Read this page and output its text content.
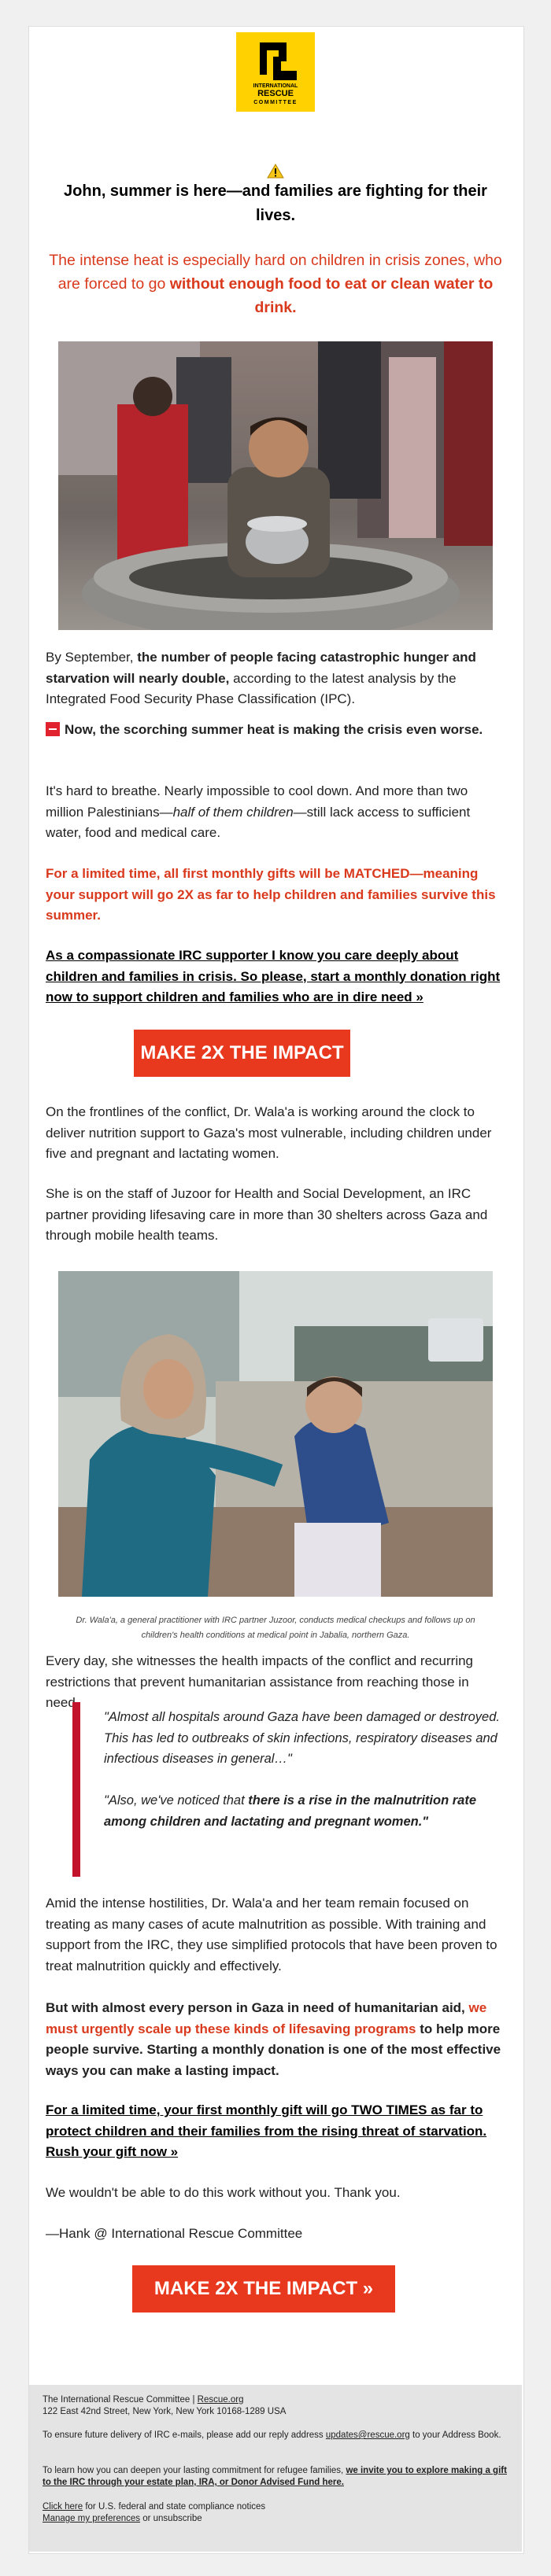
INTERNATIONAL
RESCUE
COMMITTEE
John, summer is here—and families are fighting for their lives.
The intense heat is especially hard on children in crisis zones, who are forced to go without enough food to eat or clean water to drink.

By September, the number of people facing catastrophic hunger and starvation will nearly double, according to the latest analysis by the Integrated Food Security Phase Classification (IPC).

Now, the scorching summer heat is making the crisis even worse.

It's hard to breathe. Nearly impossible to cool down. And more than two million Palestinians—half of them children—still lack access to sufficient water, food and medical care.

For a limited time, all first monthly gifts will be MATCHED—meaning your support will go 2X as far to help children and families survive this summer.

As a compassionate IRC supporter I know you care deeply about children and families in crisis. So please, start a monthly donation right now to support children and families who are in dire need »

MAKE 2X THE IMPACT »

On the frontlines of the conflict, Dr. Wala'a is working around the clock to deliver nutrition support to Gaza's most vulnerable, including children under five and pregnant and lactating women.

She is on the staff of Juzoor for Health and Social Development, an IRC partner providing lifesaving care in more than 30 shelters across Gaza and through mobile health teams.

Dr. Wala'a, a general practitioner with IRC partner Juzoor, conducts medical checkups and follows up on children's health conditions at medical point in Jabalia, northern Gaza.

Every day, she witnesses the health impacts of the conflict and recurring restrictions that prevent humanitarian assistance from reaching those in need.

"Almost all hospitals around Gaza have been damaged or destroyed. This has led to outbreaks of skin infections, respiratory diseases and infectious diseases in general…"

"Also, we've noticed that there is a rise in the malnutrition rate among children and lactating and pregnant women."

Amid the intense hostilities, Dr. Wala'a and her team remain focused on treating as many cases of acute malnutrition as possible. With training and support from the IRC, they use simplified protocols that have been proven to treat malnutrition quickly and effectively.

But with almost every person in Gaza in need of humanitarian aid, we must urgently scale up these kinds of lifesaving programs to help more people survive. Starting a monthly donation is one of the most effective ways you can make a lasting impact.

For a limited time, your first monthly gift will go TWO TIMES as far to protect children and their families from the rising threat of starvation. Rush your gift now »

We wouldn't be able to do this work without you. Thank you.

—Hank @ International Rescue Committee

MAKE 2X THE IMPACT »

The International Rescue Committee | Rescue.org

122 East 42nd Street, New York, New York 10168-1289 USA

To ensure future delivery of IRC e-mails, please add our reply address updates@rescue.org to your Address Book.

To learn how you can deepen your lasting commitment for refugee families, we invite you to explore making a gift to the IRC through your estate plan, IRA, or Donor Advised Fund here.

Click here for U.S. federal and state compliance notices

Manage my preferences or unsubscribe
